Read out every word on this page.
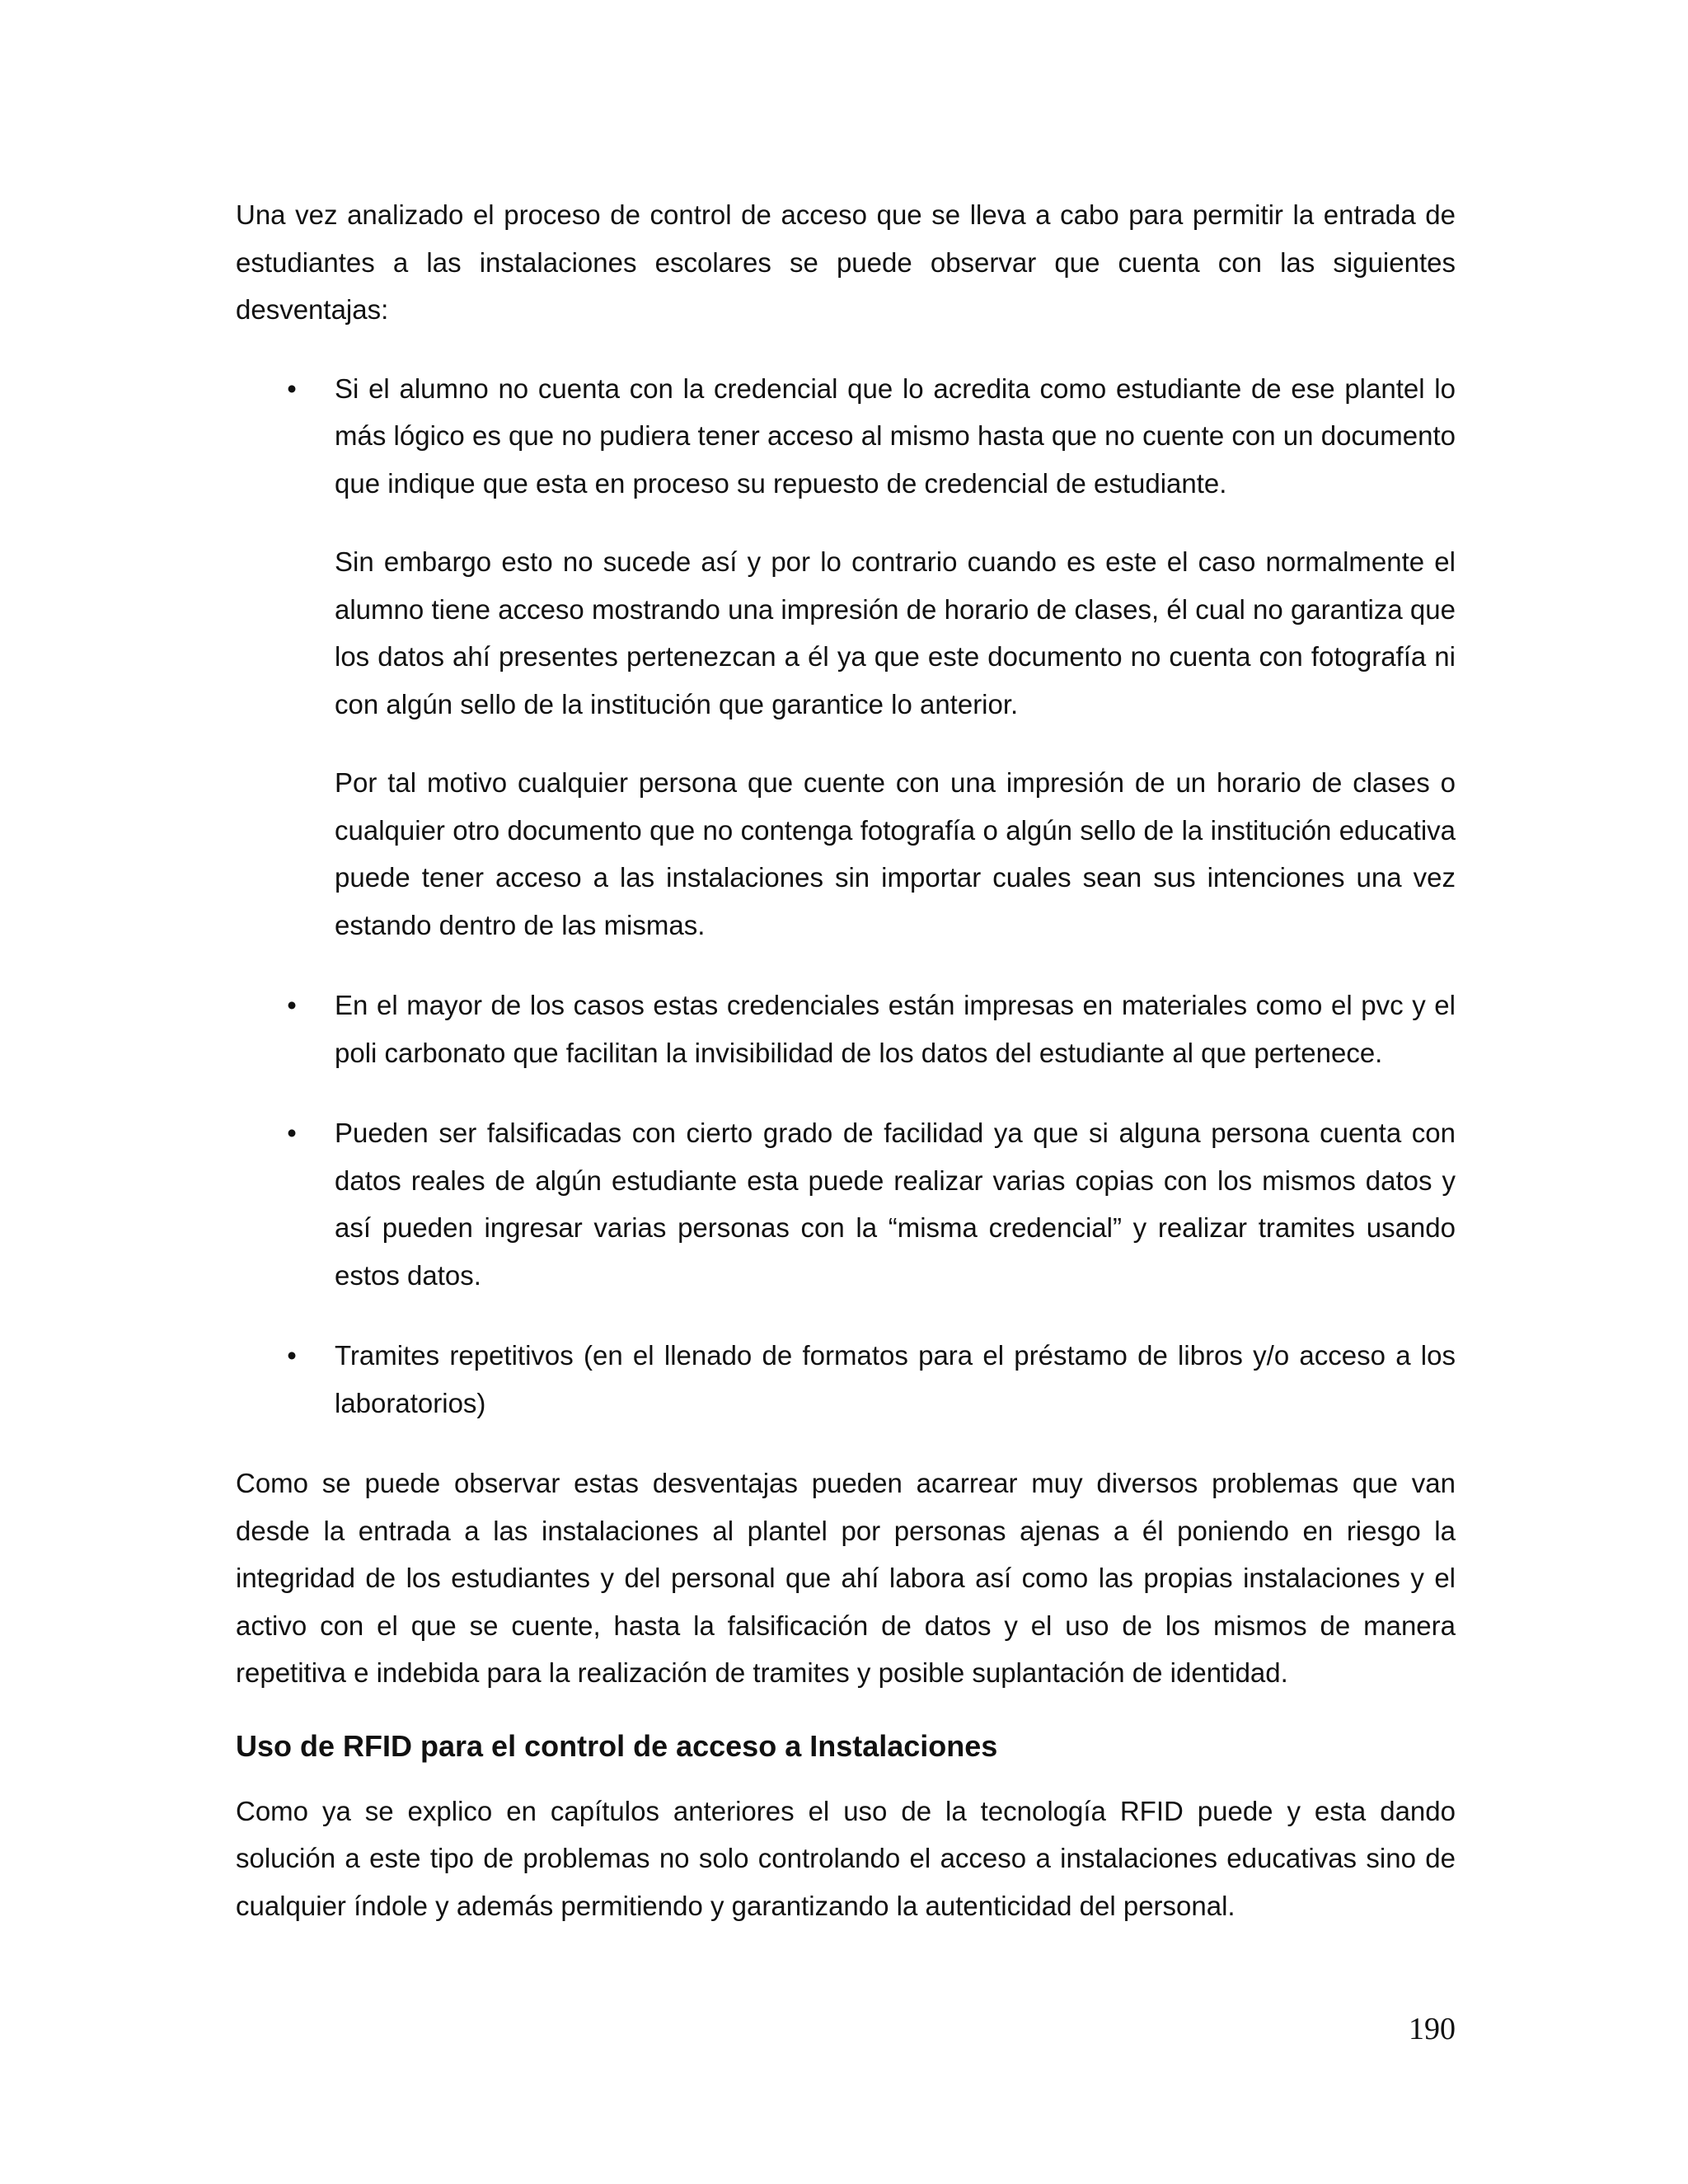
Una vez analizado el proceso de control de acceso que se lleva a cabo para permitir la entrada de estudiantes a las instalaciones escolares se puede observar que cuenta con las siguientes desventajas:

• Si el alumno no cuenta con la credencial que lo acredita como estudiante de ese plantel lo más lógico es que no pudiera tener acceso al mismo hasta que no cuente con un documento que indique que esta en proceso su repuesto de credencial de estudiante.

Sin embargo esto no sucede así y por lo contrario cuando es este el caso normalmente el alumno tiene acceso mostrando una impresión de horario de clases, él cual no garantiza que los datos ahí presentes pertenezcan a él ya que este documento no cuenta con fotografía ni con algún sello de la institución que garantice lo anterior.

Por tal motivo cualquier persona que cuente con una impresión de un horario de clases o cualquier otro documento que no contenga fotografía o algún sello de la institución educativa puede tener acceso a las instalaciones sin importar cuales sean sus intenciones una vez estando dentro de las mismas.

• En el mayor de los casos estas credenciales están impresas en materiales como el pvc y el poli carbonato que facilitan la invisibilidad de los datos del estudiante al que pertenece.

• Pueden ser falsificadas con cierto grado de facilidad ya que si alguna persona cuenta con datos reales de algún estudiante esta puede realizar varias copias con los mismos datos y así pueden ingresar varias personas con la “misma credencial” y realizar tramites usando estos datos.

• Tramites repetitivos (en el llenado de formatos para el préstamo de libros y/o acceso a los laboratorios)

Como se puede observar estas desventajas pueden acarrear muy diversos problemas que van desde la entrada a las instalaciones al plantel por personas ajenas a él poniendo en riesgo la integridad de los estudiantes y del personal que ahí labora así como las propias instalaciones y el activo con el que se cuente, hasta la falsificación de datos y el uso de los mismos de manera repetitiva e indebida para la realización de tramites y posible suplantación de identidad.

Uso de RFID para el control de acceso a Instalaciones

Como ya se explico en capítulos anteriores el uso de la tecnología RFID puede y esta dando solución a este tipo de problemas no solo controlando el acceso a instalaciones educativas sino de cualquier índole y además permitiendo y garantizando la autenticidad del personal.

190
